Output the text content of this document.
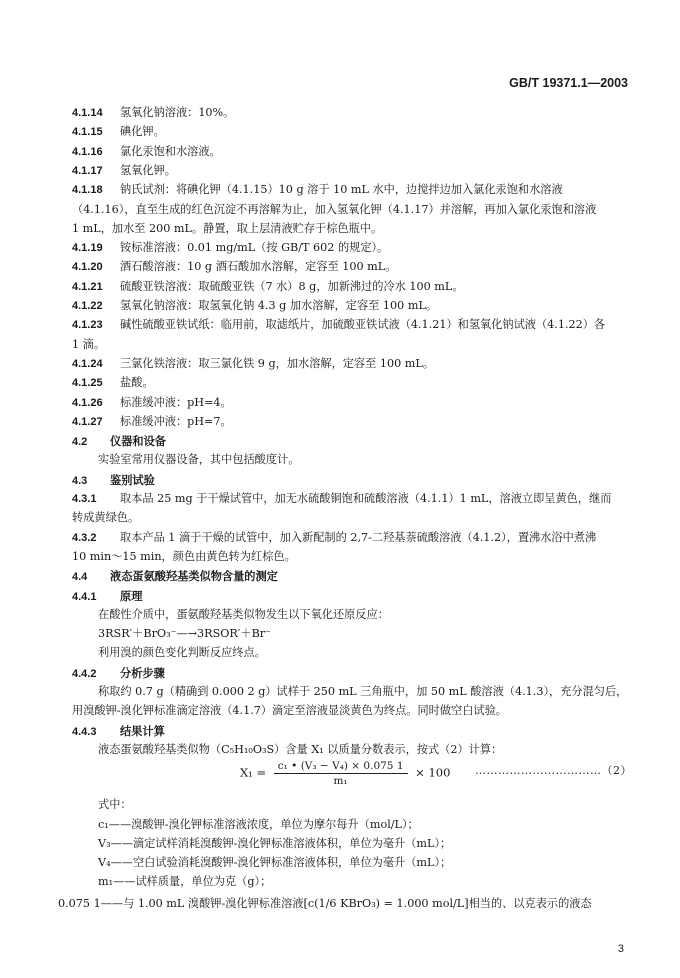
GB/T 19371.1—2003
4.1.14 氢氧化钠溶液：10%。
4.1.15 碘化钾。
4.1.16 氯化汞饱和水溶液。
4.1.17 氢氧化钾。
4.1.18 钠氏试剂：将碘化钾（4.1.15）10 g 溶于 10 mL 水中，边搅拌边加入氯化汞饱和水溶液
（4.1.16），直至生成的红色沉淀不再溶解为止，加入氢氧化钾（4.1.17）并溶解，再加入氯化汞饱和溶液
1 mL，加水至 200 mL。静置，取上层清液贮存于棕色瓶中。
4.1.19 铵标准溶液：0.01 mg/mL（按 GB/T 602 的规定）。
4.1.20 酒石酸溶液：10 g 酒石酸加水溶解，定容至 100 mL。
4.1.21 硫酸亚铁溶液：取硫酸亚铁（7 水）8 g，加新沸过的冷水 100 mL。
4.1.22 氢氧化钠溶液：取氢氧化钠 4.3 g 加水溶解，定容至 100 mL。
4.1.23 碱性硫酸亚铁试纸：临用前，取滤纸片，加硫酸亚铁试液（4.1.21）和氢氧化钠试液（4.1.22）各
1 滴。
4.1.24 三氯化铁溶液：取三氯化铁 9 g，加水溶解，定容至 100 mL。
4.1.25 盐酸。
4.1.26 标准缓冲液：pH=4。
4.1.27 标准缓冲液：pH=7。
4.2 仪器和设备
实验室常用仪器设备，其中包括酸度计。
4.3 鉴别试验
4.3.1 取本品 25 mg 于干燥试管中，加无水硫酸铜饱和硫酸溶液（4.1.1）1 mL，溶液立即呈黄色，继而
转成黄绿色。
4.3.2 取本产品 1 滴于干燥的试管中，加入新配制的 2,7-二羟基萘硫酸溶液（4.1.2），置沸水浴中煮沸
10 min～15 min，颜色由黄色转为红棕色。
4.4 液态蛋氨酸羟基类似物含量的测定
4.4.1 原理
在酸性介质中，蛋氨酸羟基类似物发生以下氧化还原反应：
3RSR′＋BrO₃⁻—→3RSOR′＋Br⁻
利用溴的颜色变化判断反应终点。
4.4.2 分析步骤
称取约 0.7 g（精确到 0.000 2 g）试样于 250 mL 三角瓶中，加 50 mL 酸溶液（4.1.3），充分混匀后，
用溴酸钾-溴化钾标准滴定溶液（4.1.7）滴定至溶液显淡黄色为终点。同时做空白试验。
4.4.3 结果计算
液态蛋氨酸羟基类似物（C₅H₁₀O₃S）含量 X₁ 以质量分数表示，按式（2）计算：
$X_1 = \frac{\text{c₁ • (V₃ − V₄) × 0.075 1}}{\text{m₁}} \times 100$ ……………………………（2）
式中：
c₁——溴酸钾-溴化钾标准溶液浓度，单位为摩尔每升（mol/L）；
V₃——滴定试样消耗溴酸钾-溴化钾标准溶液体积，单位为毫升（mL）；
V₄——空白试验消耗溴酸钾-溴化钾标准溶液体积，单位为毫升（mL）；
m₁——试样质量，单位为克（g）；
0.075 1——与 1.00 mL 溴酸钾-溴化钾标准溶液[c(1/6 KBrO₃) = 1.000 mol/L]相当的、以克表示的液态
3
